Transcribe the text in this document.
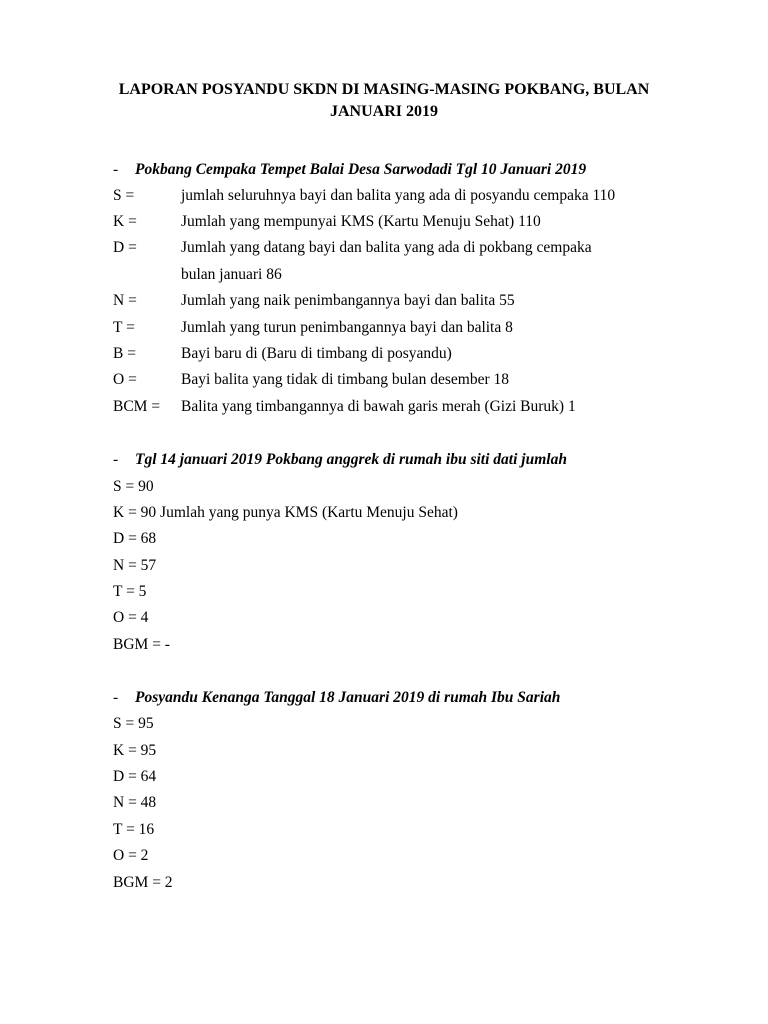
LAPORAN POSYANDU SKDN DI MASING-MASING POKBANG, BULAN
JANUARI 2019
- Pokbang Cempaka Tempet Balai Desa Sarwodadi Tgl 10 Januari 2019
S =	jumlah seluruhnya bayi dan balita yang ada di posyandu cempaka 110
K =	Jumlah yang mempunyai KMS (Kartu Menuju Sehat) 110
D =	Jumlah yang datang bayi dan balita yang ada di pokbang cempaka
bulan januari 86
N =	Jumlah yang naik penimbangannya bayi dan balita 55
T =	Jumlah yang turun penimbangannya bayi dan balita 8
B =	Bayi baru di (Baru di timbang di posyandu)
O =	Bayi balita yang tidak di timbang bulan desember 18
BCM = Balita yang timbangannya di bawah garis merah (Gizi Buruk) 1
- Tgl 14 januari 2019 Pokbang anggrek di rumah ibu siti dati jumlah
S = 90
K = 90 Jumlah yang punya KMS (Kartu Menuju Sehat)
D = 68
N = 57
T = 5
O = 4
BGM = -
- Posyandu Kenanga Tanggal 18 Januari 2019 di rumah Ibu Sariah
S = 95
K = 95
D = 64
N = 48
T = 16
O = 2
BGM = 2
